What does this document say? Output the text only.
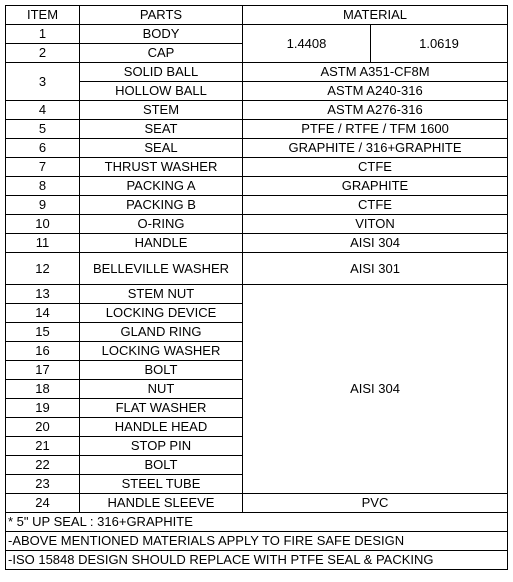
ITEM	PARTS	MATERIAL	
1	BODY	1.4408	1.0619
2	CAP		
3	SOLID BALL	ASTM A351-CF8M	
	HOLLOW BALL	ASTM A240-316	
4	STEM	ASTM A276-316	
5	SEAT	PTFE / RTFE / TFM 1600	
6	SEAL	GRAPHITE / 316+GRAPHITE	
7	THRUST WASHER	CTFE	
8	PACKING A	GRAPHITE	
9	PACKING B	CTFE	
10	O-RING	VITON	
11	HANDLE	AISI 304	
12	BELLEVILLE WASHER	AISI 301	
13	STEM NUT	AISI 304	
14	LOCKING DEVICE		
15	GLAND RING		
16	LOCKING WASHER		
17	BOLT		
18	NUT		
19	FLAT WASHER		
20	HANDLE HEAD		
21	STOP PIN		
22	BOLT		
23	STEEL TUBE		
24	HANDLE SLEEVE	PVC	
* 5" UP SEAL : 316+GRAPHITE			
-ABOVE MENTIONED MATERIALS APPLY TO FIRE SAFE DESIGN			
-ISO 15848 DESIGN SHOULD REPLACE WITH PTFE SEAL & PACKING			
